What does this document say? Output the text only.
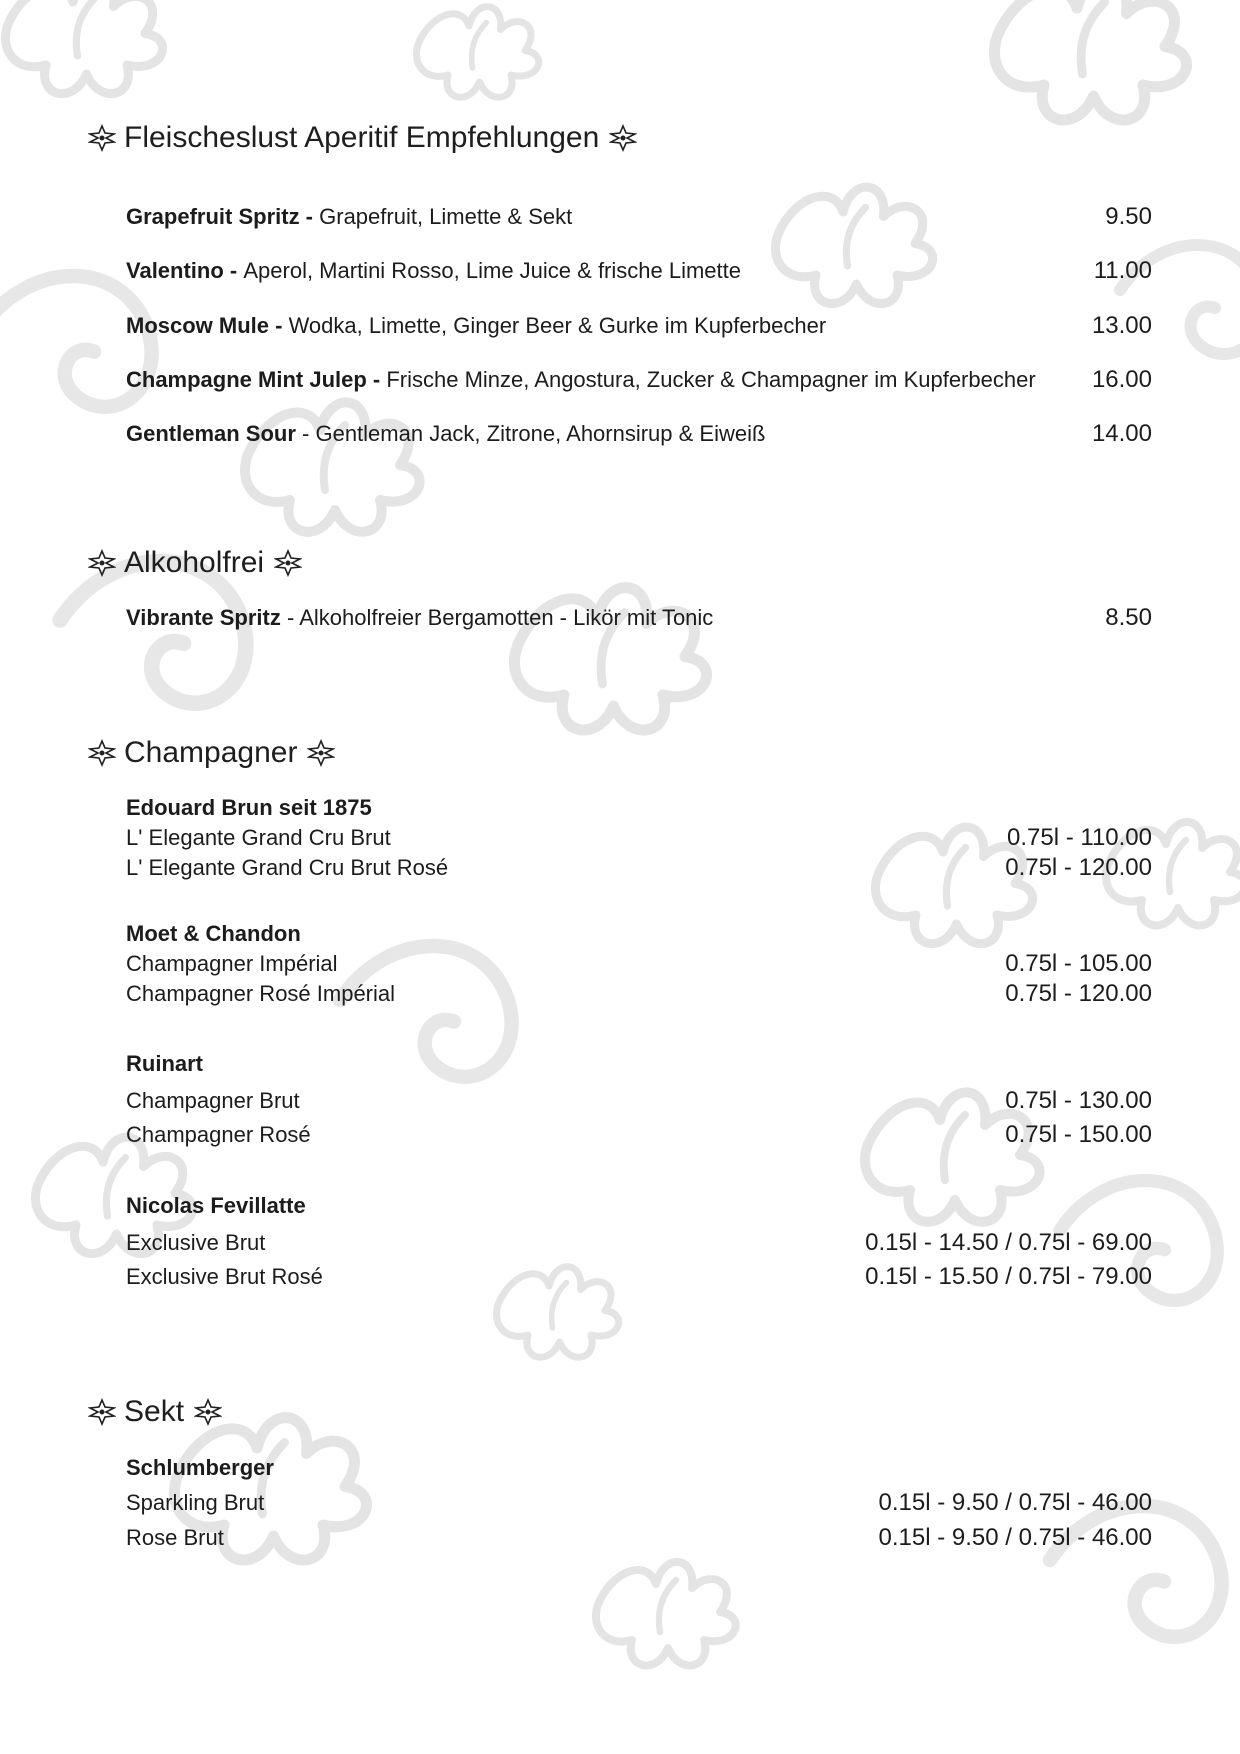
Fleischeslust Aperitif Empfehlungen
Grapefruit Spritz - Grapefruit, Limette & Sekt	9.50
Valentino - Aperol, Martini Rosso, Lime Juice & frische Limette	11.00
Moscow Mule - Wodka, Limette, Ginger Beer & Gurke im Kupferbecher	13.00
Champagne Mint Julep - Frische Minze, Angostura, Zucker & Champagner im Kupferbecher 16.00
Gentleman Sour - Gentleman Jack, Zitrone, Ahornsirup & Eiweiß	14.00
Alkoholfrei
Vibrante Spritz - Alkoholfreier Bergamotten - Likör mit Tonic	8.50
Champagner
Edouard Brun seit 1875
L' Elegante Grand Cru Brut	0.75l - 110.00
L' Elegante Grand Cru Brut Rosé	0.75l - 120.00
Moet & Chandon
Champagner Impérial	0.75l - 105.00
Champagner Rosé Impérial	0.75l - 120.00
Ruinart
Champagner Brut	0.75l - 130.00
Champagner Rosé	0.75l - 150.00
Nicolas Fevillatte
Exclusive Brut	0.15l - 14.50 / 0.75l - 69.00
Exclusive Brut Rosé	0.15l - 15.50 / 0.75l - 79.00
Sekt
Schlumberger
Sparkling Brut	0.15l - 9.50 / 0.75l - 46.00
Rose Brut	0.15l - 9.50 / 0.75l - 46.00
